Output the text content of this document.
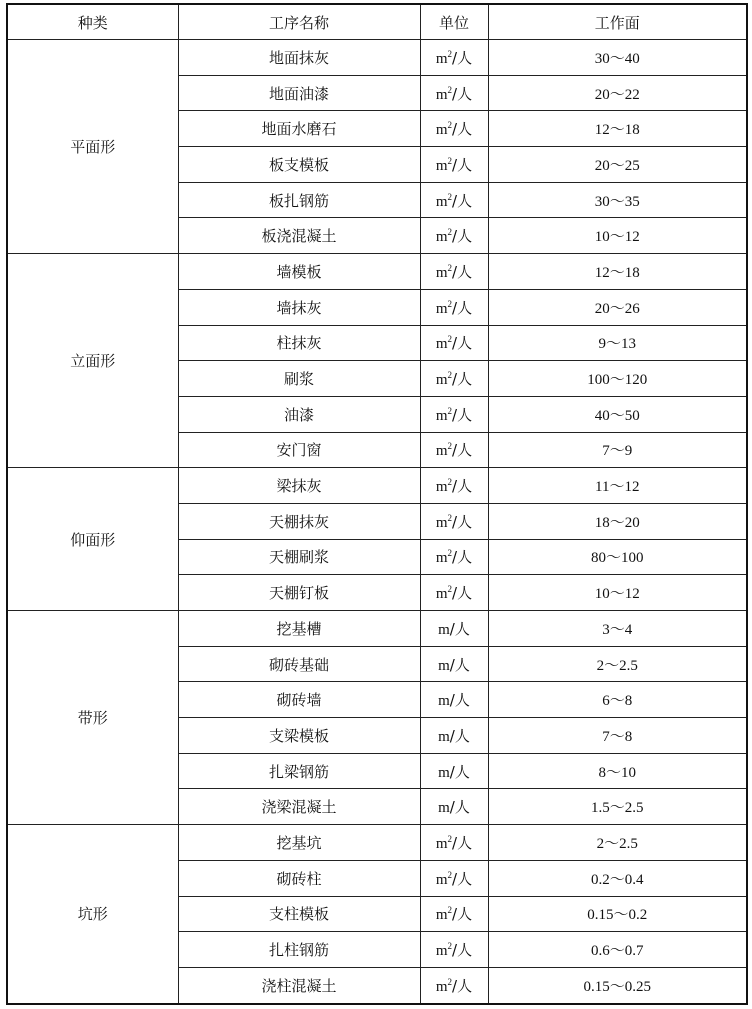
种类	工序名称	单位	工作面
平面形	地面抹灰	$m^2/$人	30～40
	地面油漆	$m^2/$人	20～22
	地面水磨石	$m^2/$人	12～18
	板支模板	$m^2/$人	20～25
	板扎钢筋	$m^2/$人	30～35
	板浇混凝土	$m^2/$人	10～12
立面形	墙模板	$m^2/$人	12～18
	墙抹灰	$m^2/$人	20～26
	柱抹灰	$m^2/$人	9～13
	刷浆	$m^2/$人	100～120
	油漆	$m^2/$人	40～50
	安门窗	$m^2/$人	7～9
仰面形	梁抹灰	$m^2/$人	11～12
	天棚抹灰	$m^2/$人	18～20
	天棚刷浆	$m^2/$人	80～100
	天棚钉板	$m^2/$人	10～12
带形	挖基槽	m/人	3～4
	砌砖基础	m/人	2～2.5
	砌砖墙	m/人	6～8
	支梁模板	m/人	7～8
	扎梁钢筋	m/人	8～10
	浇梁混凝土	m/人	1.5～2.5
坑形	挖基坑	$m^2/$人	2～2.5
	砌砖柱	$m^2/$人	0.2～0.4
	支柱模板	$m^2/$人	0.15～0.2
	扎柱钢筋	$m^2/$人	0.6～0.7
	浇柱混凝土	$m^2/$人	0.15～0.25
